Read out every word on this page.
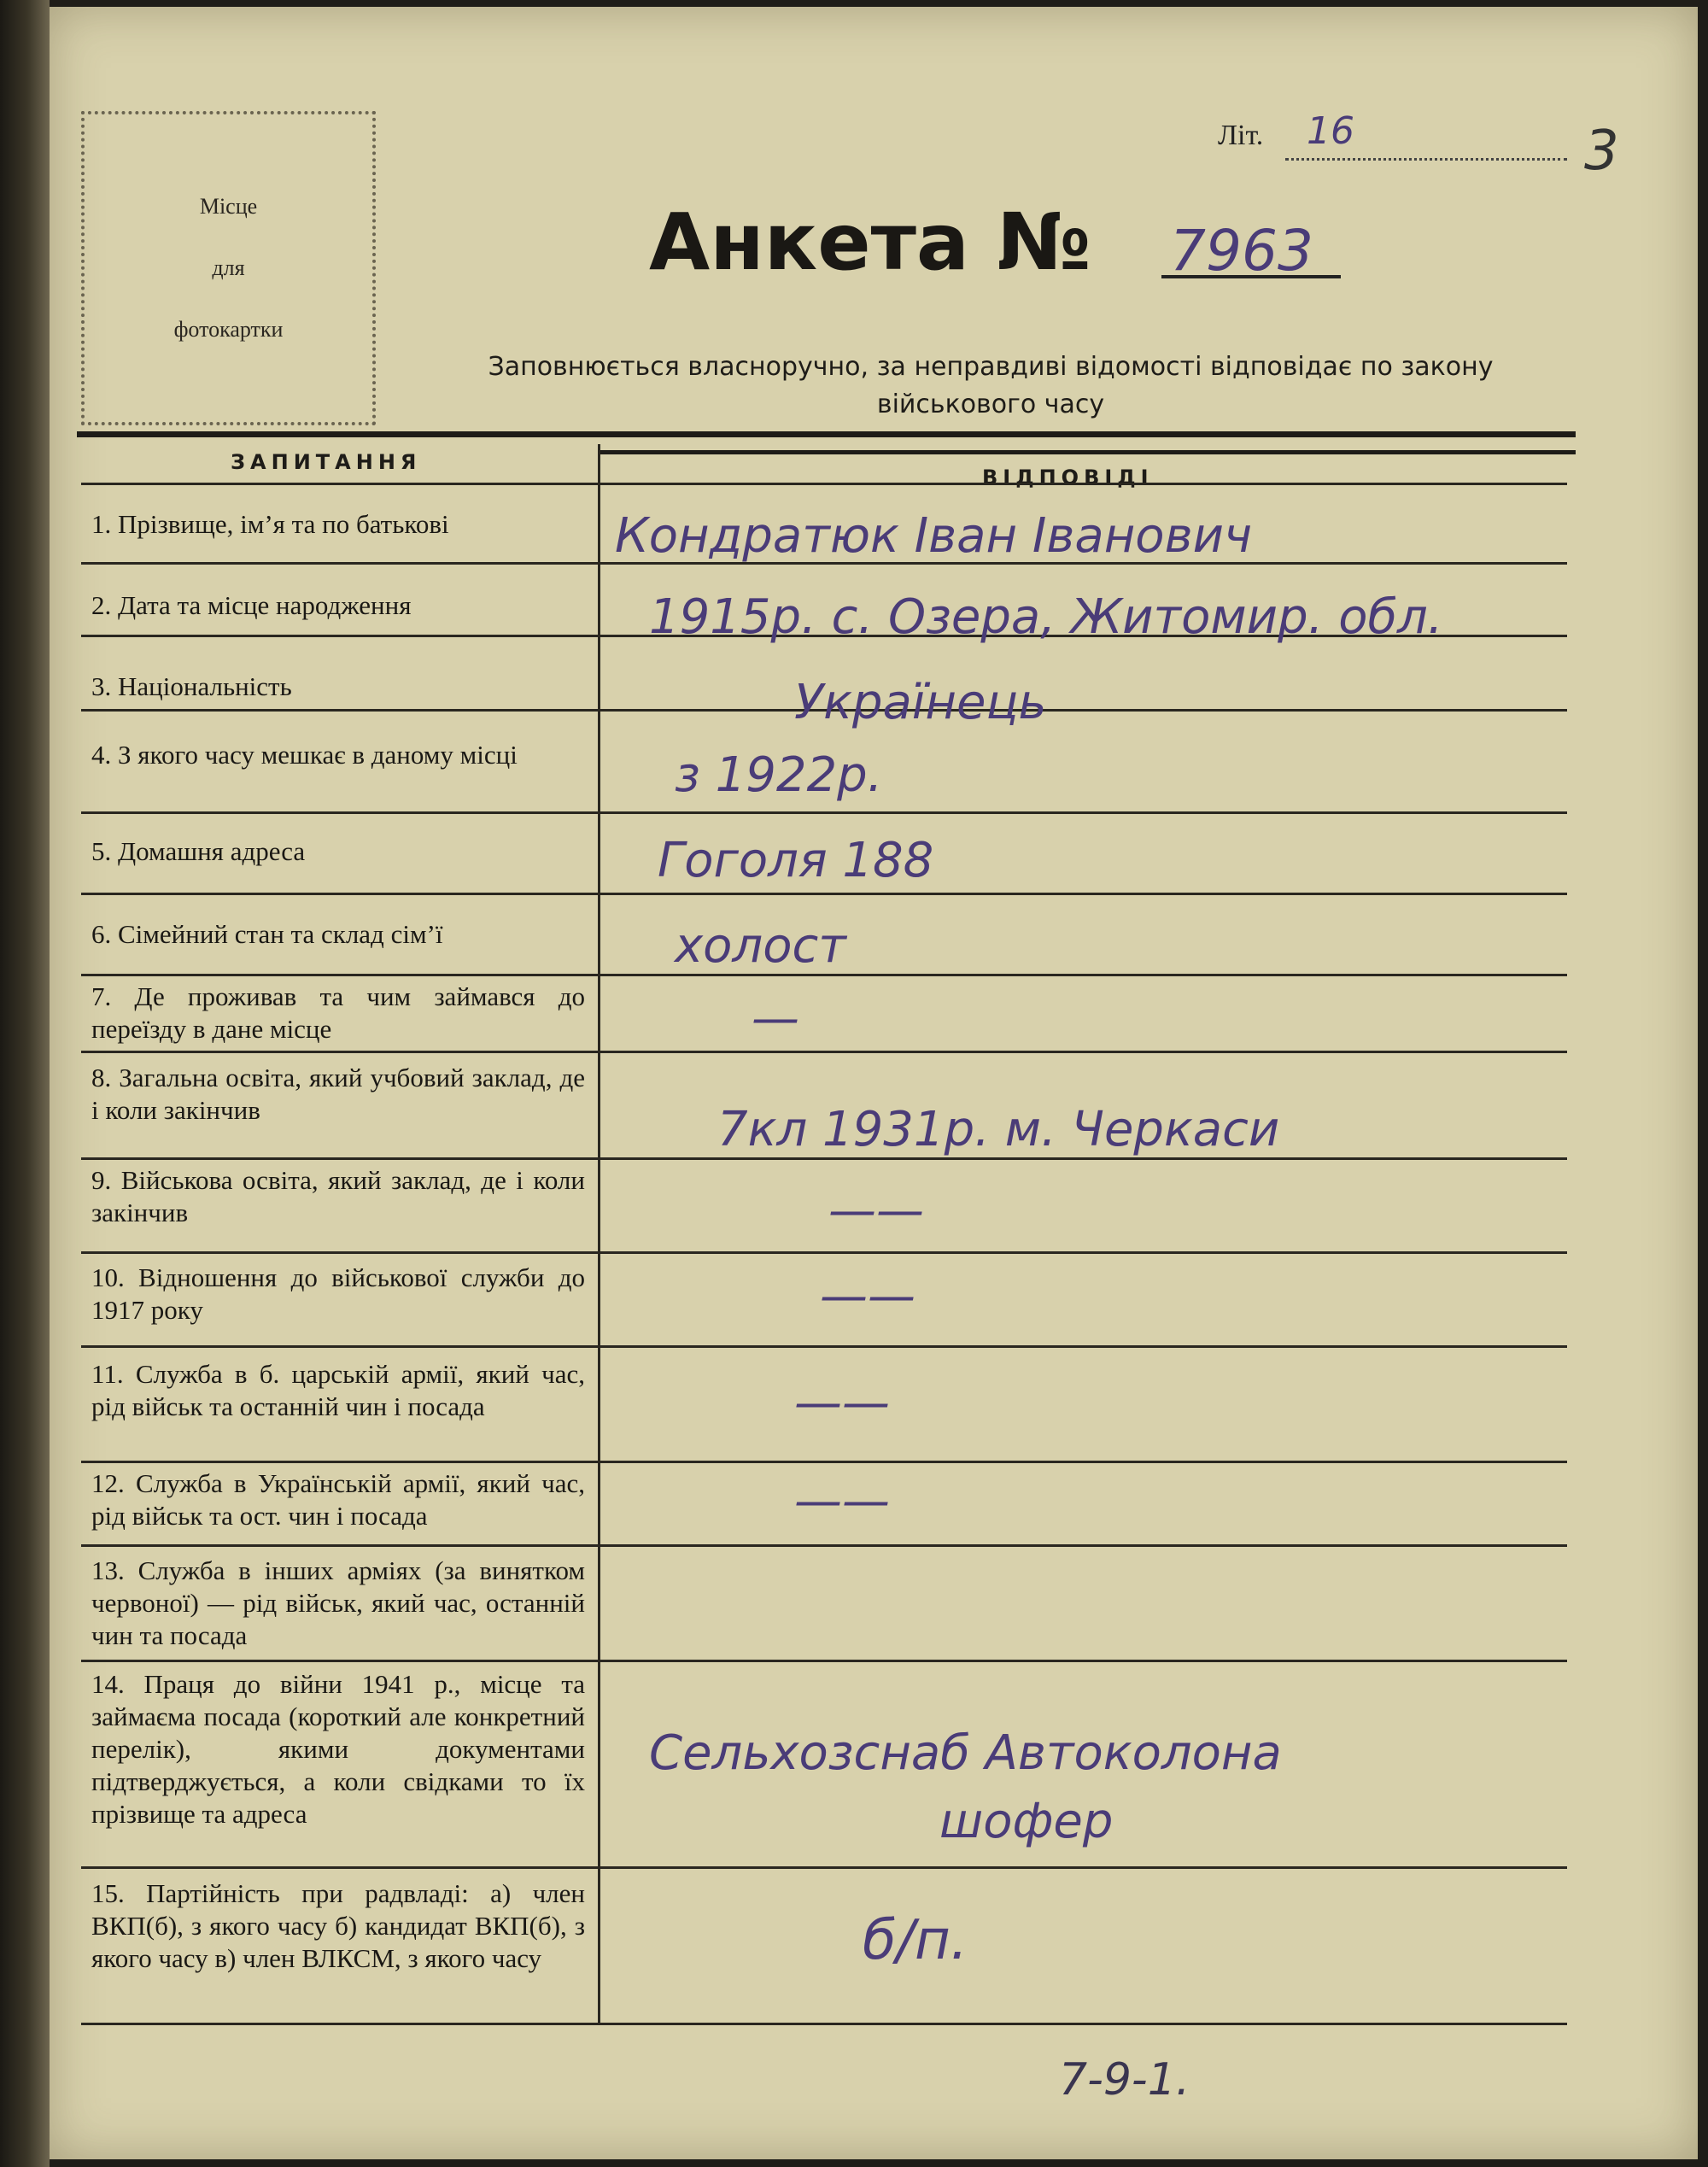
Місце
для
фотокартки
Літ. 16	3
Анкета № 7963
Заповнюється власноручно, за неправдиві відомості відповідає по закону військового часу
ЗАПИТАННЯ
ВІДПОВІДІ
1. Прізвище, ім’я та по батькові
2. Дата та місце народження
3. Національність
4. З якого часу мешкає в даному місці
5. Домашня адреса
6. Сімейний стан та склад сім’ї
7. Де проживав та чим займався до переїзду в дане місце
8. Загальна освіта, який учбовий заклад, де і коли закінчив
9. Військова освіта, який заклад, де і коли закінчив
10. Відношення до військової служби до 1917 року
11. Служба в б. царській армії, який час, рід військ та останній чин і посада
12. Служба в Українській армії, який час, рід військ та ост. чин і посада
13. Служба в інших арміях (за винятком червоної) — рід військ, який час, останній чин та посада
14. Праця до війни 1941 р., місце та займаєма посада (короткий але конкретний перелік), якими документами підтверджується, а коли свідками то їх прізвище та адреса
15. Партійність при радвладі: а) член ВКП(б), з якого часу б) кандидат ВКП(б), з якого часу в) член ВЛКСМ, з якого часу
Кондратюк Іван Іванович
1915р. с. Озера, Житомир. обл.
Українець
з 1922р.
Гоголя 188
холост
—
7кл 1931р. м. Черкаси
——
——
——
——
Сельхозснаб Автоколона
шофер
б/п.
7-9-1.
